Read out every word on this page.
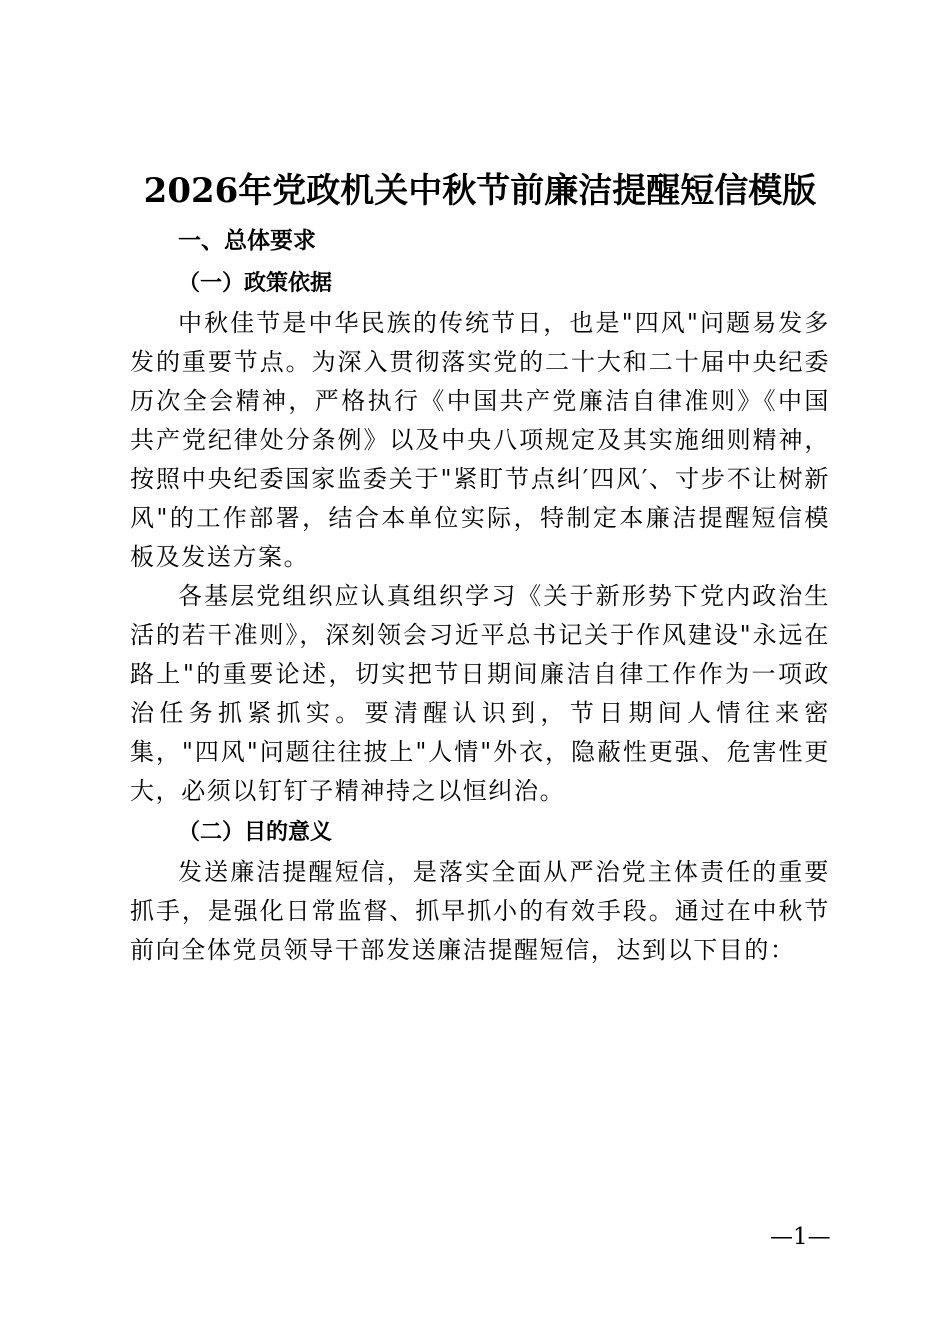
2026年党政机关中秋节前廉洁提醒短信模版
一、总体要求
（一）政策依据

中秋佳节是中华民族的传统节日，也是"四风"问题易发多发的重要节点。为深入贯彻落实党的二十大和二十届中央纪委历次全会精神，严格执行《中国共产党廉洁自律准则》《中国共产党纪律处分条例》以及中央八项规定及其实施细则精神，按照中央纪委国家监委关于"紧盯节点纠′四风′、寸步不让树新风"的工作部署，结合本单位实际，特制定本廉洁提醒短信模板及发送方案。

各基层党组织应认真组织学习《关于新形势下党内政治生活的若干准则》，深刻领会习近平总书记关于作风建设"永远在路上"的重要论述，切实把节日期间廉洁自律工作作为一项政治任务抓紧抓实。要清醒认识到，节日期间人情往来密集，"四风"问题往往披上"人情"外衣，隐蔽性更强、危害性更大，必须以钉钉子精神持之以恒纠治。

（二）目的意义

发送廉洁提醒短信，是落实全面从严治党主体责任的重要抓手，是强化日常监督、抓早抓小的有效手段。通过在中秋节前向全体党员领导干部发送廉洁提醒短信，达到以下目的：

—1—
